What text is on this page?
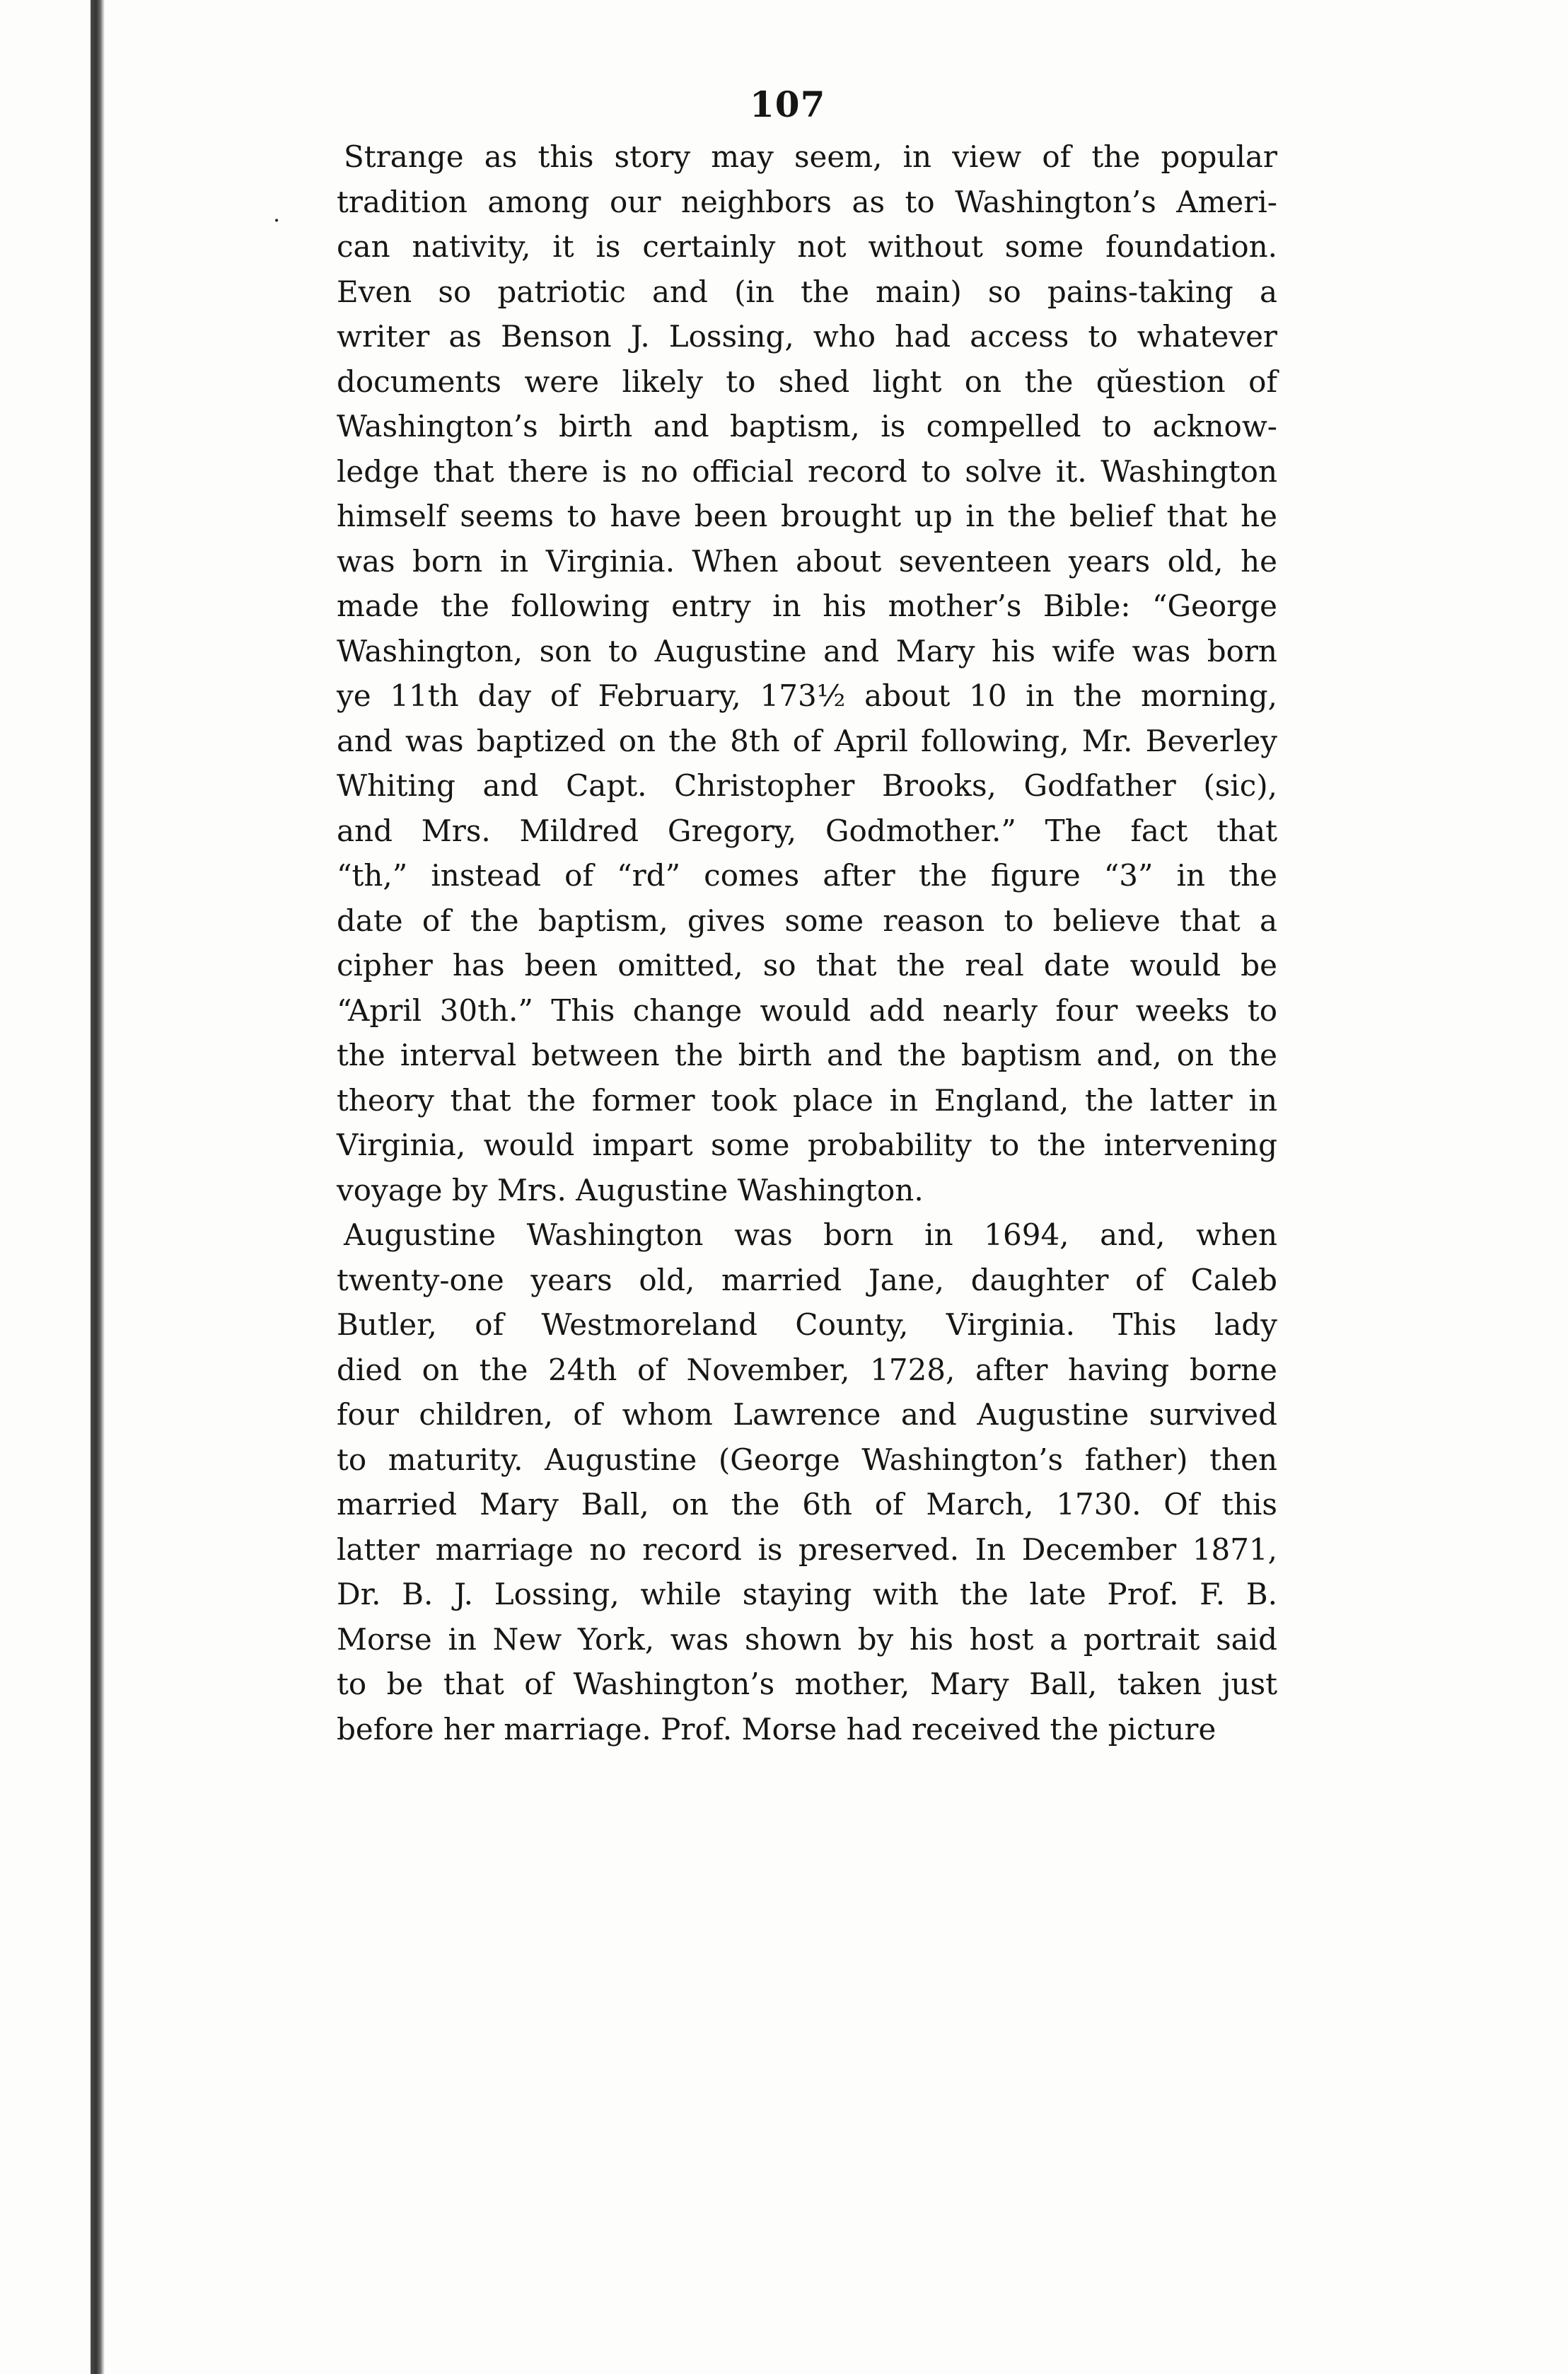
.
107
Strange as this story may seem, in view of the popular
tradition among our neighbors as to Washington’s Ameri-
can nativity, it is certainly not without some foundation.
Even so patriotic and (in the main) so pains-taking a
writer as Benson J. Lossing, who had access to whatever
documents were likely to shed light on the qŭestion of
Washington’s birth and baptism, is compelled to acknow-
ledge that there is no official record to solve it. Washington
himself seems to have been brought up in the belief that he
was born in Virginia. When about seventeen years old, he
made the following entry in his mother’s Bible: “George
Washington, son to Augustine and Mary his wife was born
ye 11th day of February, 173½ about 10 in the morning,
and was baptized on the 8th of April following, Mr. Beverley
Whiting and Capt. Christopher Brooks, Godfather (sic),
and Mrs. Mildred Gregory, Godmother.” The fact that
“th,” instead of “rd” comes after the figure “3” in the
date of the baptism, gives some reason to believe that a
cipher has been omitted, so that the real date would be
“April 30th.” This change would add nearly four weeks to
the interval between the birth and the baptism and, on the
theory that the former took place in England, the latter in
Virginia, would impart some probability to the intervening
voyage by Mrs. Augustine Washington.
Augustine Washington was born in 1694, and, when
twenty-one years old, married Jane, daughter of Caleb
Butler, of Westmoreland County, Virginia. This lady
died on the 24th of November, 1728, after having borne
four children, of whom Lawrence and Augustine survived
to maturity. Augustine (George Washington’s father) then
married Mary Ball, on the 6th of March, 1730. Of this
latter marriage no record is preserved. In December 1871,
Dr. B. J. Lossing, while staying with the late Prof. F. B.
Morse in New York, was shown by his host a portrait said
to be that of Washington’s mother, Mary Ball, taken just
before her marriage. Prof. Morse had received the picture
